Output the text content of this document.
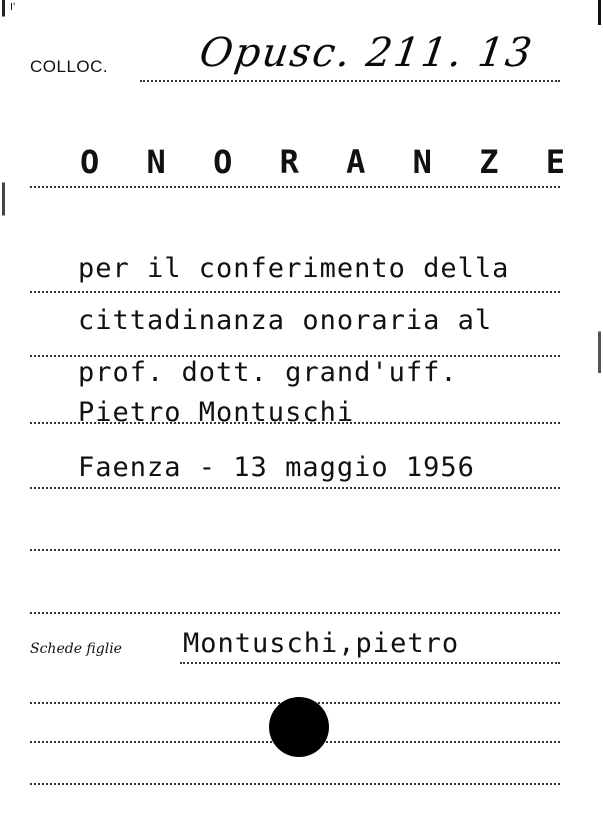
Iʿ
COLLOC. Opusc. 211. 13
O N O R A N Z E
per il conferimento della
cittadinanza onoraria al
prof. dott. grand'uff.
Pietro Montuschi
Faenza - 13 maggio 1956
Schede figlie Montuschi,pietro
